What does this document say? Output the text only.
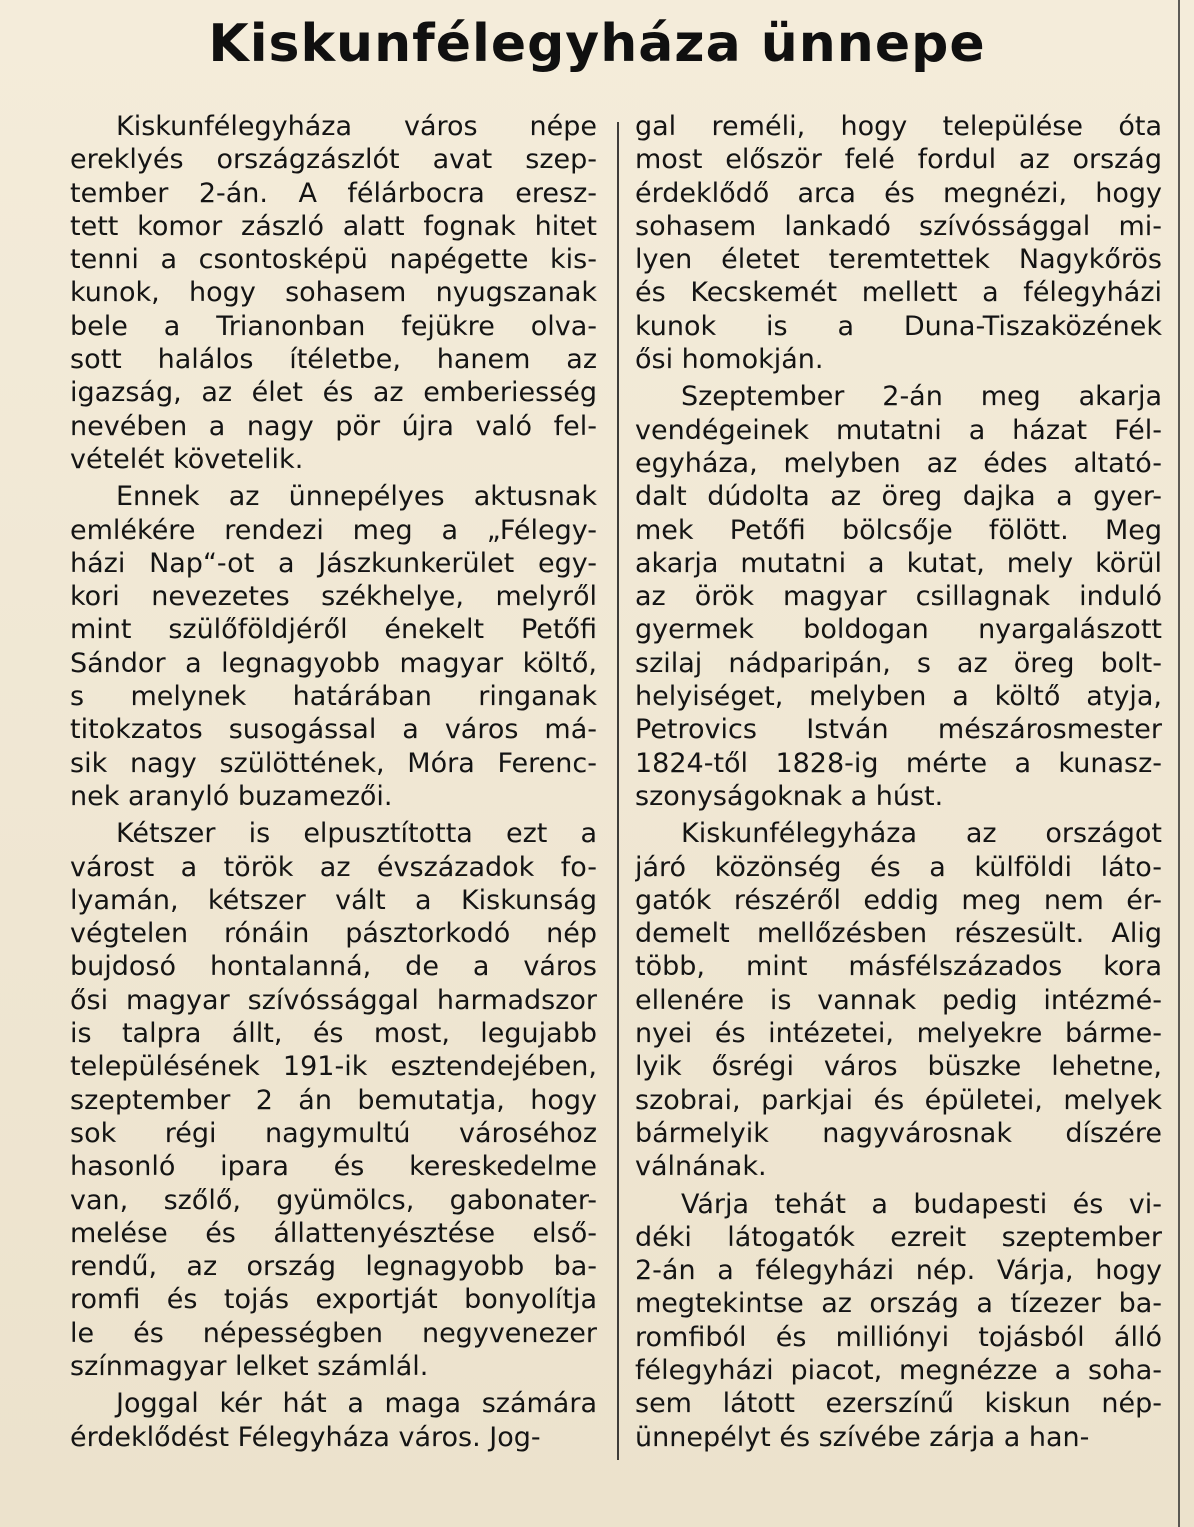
Kiskunfélegyháza ünnepe
Kiskunfélegyháza város népe
ereklyés országzászlót avat szep-
tember 2-án. A félárbocra eresz-
tett komor zászló alatt fognak hitet
tenni a csontosképü napégette kis-
kunok, hogy sohasem nyugszanak
bele a Trianonban fejükre olva-
sott halálos ítéletbe, hanem az
igazság, az élet és az emberiesség
nevében a nagy pör újra való fel-
vételét követelik.
Ennek az ünnepélyes aktusnak
emlékére rendezi meg a „Félegy-
házi Nap“-ot a Jászkunkerület egy-
kori nevezetes székhelye, melyről
mint szülőföldjéről énekelt Petőfi
Sándor a legnagyobb magyar költő,
s melynek határában ringanak
titokzatos susogással a város má-
sik nagy szülöttének, Móra Ferenc-
nek aranyló buzamezői.
Kétszer is elpusztította ezt a
várost a török az évszázadok fo-
lyamán, kétszer vált a Kiskunság
végtelen rónáin pásztorkodó nép
bujdosó hontalanná, de a város
ősi magyar szívóssággal harmadszor
is talpra állt, és most, legujabb
településének 191-ik esztendejében,
szeptember 2 án bemutatja, hogy
sok régi nagymultú városéhoz
hasonló ipara és kereskedelme
van, szőlő, gyümölcs, gabonater-
melése és állattenyésztése első-
rendű, az ország legnagyobb ba-
romfi és tojás exportját bonyolítja
le és népességben negyvenezer
színmagyar lelket számlál.
Joggal kér hát a maga számára
érdeklődést Félegyháza város. Jog-
gal reméli, hogy települése óta
most először felé fordul az ország
érdeklődő arca és megnézi, hogy
sohasem lankadó szívóssággal mi-
lyen életet teremtettek Nagykőrös
és Kecskemét mellett a félegyházi
kunok is a Duna-Tiszaközének
ősi homokján.
Szeptember 2-án meg akarja
vendégeinek mutatni a házat Fél-
egyháza, melyben az édes altató-
dalt dúdolta az öreg dajka a gyer-
mek Petőfi bölcsője fölött. Meg
akarja mutatni a kutat, mely körül
az örök magyar csillagnak induló
gyermek boldogan nyargalászott
szilaj nádparipán, s az öreg bolt-
helyiséget, melyben a költő atyja,
Petrovics István mészárosmester
1824-től 1828-ig mérte a kunasz-
szonyságoknak a húst.
Kiskunfélegyháza az országot
járó közönség és a külföldi láto-
gatók részéről eddig meg nem ér-
demelt mellőzésben részesült. Alig
több, mint másfélszázados kora
ellenére is vannak pedig intézmé-
nyei és intézetei, melyekre bárme-
lyik ősrégi város büszke lehetne,
szobrai, parkjai és épületei, melyek
bármelyik nagyvárosnak díszére
válnának.
Várja tehát a budapesti és vi-
déki látogatók ezreit szeptember
2-án a félegyházi nép. Várja, hogy
megtekintse az ország a tízezer ba-
romfiból és milliónyi tojásból álló
félegyházi piacot, megnézze a soha-
sem látott ezerszínű kiskun nép-
ünnepélyt és szívébe zárja a han-
